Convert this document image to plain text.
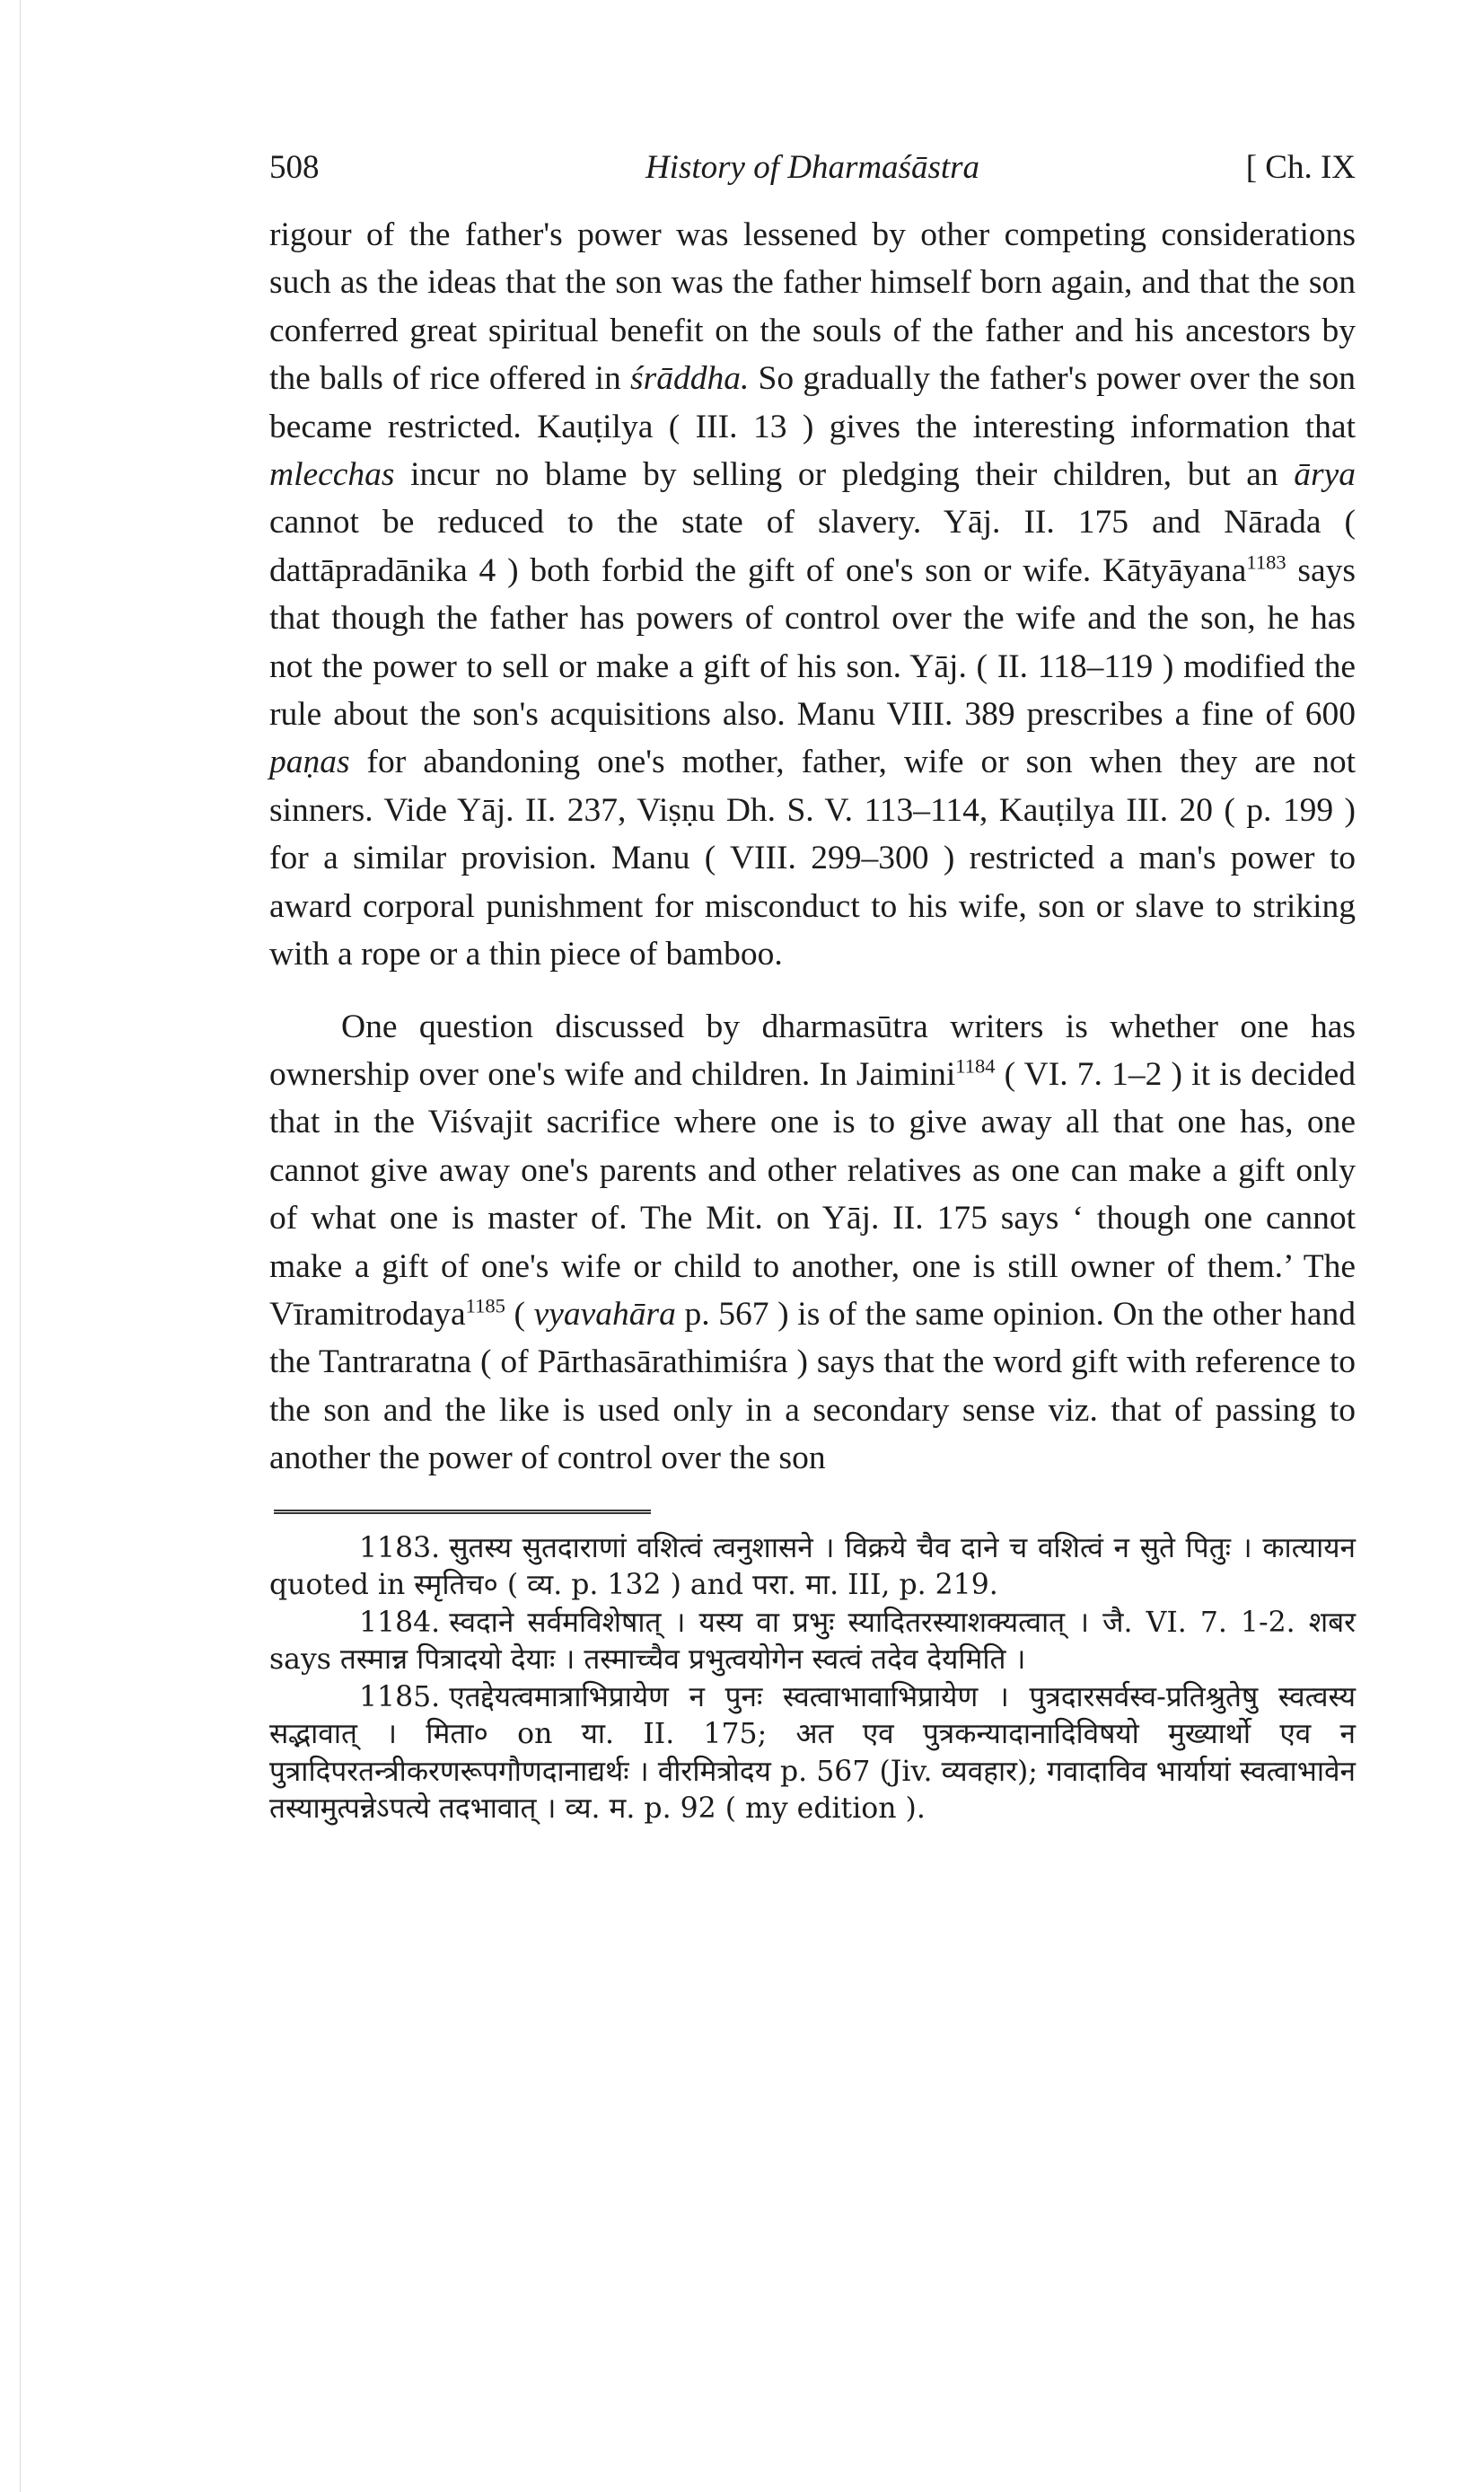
508	History of Dharmaśāstra	[ Ch. IX

rigour of the father's power was lessened by other competing considerations such as the ideas that the son was the father himself born again, and that the son conferred great spiritual benefit on the souls of the father and his ancestors by the balls of rice offered in śrāddha. So gradually the father's power over the son became restricted. Kauṭilya ( III. 13 ) gives the interesting information that mlecchas incur no blame by selling or pledging their children, but an ārya cannot be reduced to the state of slavery. Yāj. II. 175 and Nārada ( dattāpradānika 4 ) both forbid the gift of one's son or wife. Kātyāyana$^{1183}$ says that though the father has powers of control over the wife and the son, he has not the power to sell or make a gift of his son. Yāj. ( II. 118–119 ) modified the rule about the son's acquisitions also. Manu VIII. 389 prescribes a fine of 600 paṇas for abandoning one's mother, father, wife or son when they are not sinners. Vide Yāj. II. 237, Viṣṇu Dh. S. V. 113–114, Kauṭilya III. 20 ( p. 199 ) for a similar provision. Manu ( VIII. 299–300 ) restricted a man's power to award corporal punishment for misconduct to his wife, son or slave to striking with a rope or a thin piece of bamboo.

One question discussed by dharmasūtra writers is whether one has ownership over one's wife and children. In Jaimini$^{1184}$ ( VI. 7. 1–2 ) it is decided that in the Viśvajit sacrifice where one is to give away all that one has, one cannot give away one's parents and other relatives as one can make a gift only of what one is master of. The Mit. on Yāj. II. 175 says ‘ though one cannot make a gift of one's wife or child to another, one is still owner of them.’ The Vīramitrodaya$^{1185}$ ( vyavahāra p. 567 ) is of the same opinion. On the other hand the Tantraratna ( of Pārthasārathimiśra ) says that the word gift with reference to the son and the like is used only in a secondary sense viz. that of passing to another the power of control over the son

1183. सुतस्य सुतदाराणां वशित्वं त्वनुशासने । विक्रये चैव दाने च वशित्वं न सुते पितुः । कात्यायन quoted in स्मृतिच० ( व्य. p. 132 ) and परा. मा. III, p. 219.

1184. स्वदाने सर्वमविशेषात् । यस्य वा प्रभुः स्यादितरस्याशक्यत्वात् । जै. VI. 7. 1-2. शबर says तस्मान्न पित्रादयो देयाः । तस्माच्चैव प्रभुत्वयोगेन स्वत्वं तदेव देयमिति ।

1185. एतद्देयत्वमात्राभिप्रायेण न पुनः स्वत्वाभावाभिप्रायेण । पुत्रदारसर्वस्व-प्रतिश्रुतेषु स्वत्वस्य सद्भावात् । मिता० on या. II. 175; अत एव पुत्रकन्यादानादिविषयो मुख्यार्थो एव न पुत्रादिपरतन्त्रीकरणरूपगौणदानाद्यर्थः । वीरमित्रोदय p. 567 (Jiv. व्यवहार); गवादाविव भार्यायां स्वत्वाभावेन तस्यामुत्पन्नेऽपत्ये तदभावात् । व्य. म. p. 92 ( my edition ).
